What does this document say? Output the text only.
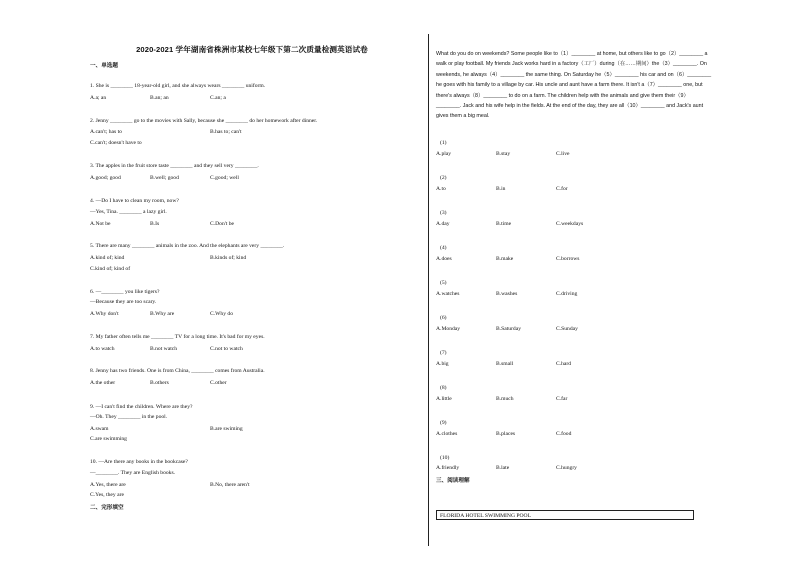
2020-2021 学年湖南省株洲市某校七年级下第二次质量检测英语试卷
一、单选题
1. She is ________ 18-year-old girl, and she always wears ________ uniform.
A.a; an	B.an; an	C.an; a
2. Jenny ________ go to the movies with Sally, because she ________ do her homework after dinner.
A.can't; has to	B.has to; can't
C.can't; doesn't have to
3. The apples in the fruit store taste ________ and they sell very ________.
A.good; good	B.well; good	C.good; well
4. —Do I have to clean my room, now?
—Yes, Tina. ________ a lazy girl.
A.Not be	B.Is	C.Don't be
5. There are many ________ animals in the zoo. And the elephants are very ________.
A.kind of; kind	B.kinds of; kind
C.kind of; kind of
6. —________ you like tigers?
—Because they are too scary.
A.Why don't	B.Why are	C.Why do
7. My father often tells me ________ TV for a long time. It's bad for my eyes.
A.to watch	B.not watch	C.not to watch
8. Jenny has two friends. One is from China, ________ comes from Australia.
A.the other	B.others	C.other
9. —I can't find the children. Where are they?
—Oh. They ________ in the pool.
A.swam	B.are swiming
C.are swimming
10. —Are there any books in the bookcase?
—________. They are English books.
A.Yes, there are	B.No, there aren't
C.Yes, they are
二、完形填空
What do you do on weekends? Some people like to（1）________ at home, but others like to go（2）________ a
walk or play football. My friends Jack works hard in a factory（工厂）during（在……期间）the（3）________. On
weekends, he always（4）________ the same thing. On Saturday he（5）________ his car and on（6）________
he goes with his family to a village by car. His uncle and aunt have a farm there. It isn't a（7）________ one, but
there's always（8）________ to do on a farm. The children help with the animals and give them their（9）
________. Jack and his wife help in the fields. At the end of the day, they are all（10）________ and Jack's aunt
gives them a big meal.
(1)
A.play	B.stay	C.live
(2)
A.to	B.in	C.for
(3)
A.day	B.time	C.weekdays
(4)
A.does	B.make	C.borrows
(5)
A.watches	B.washes	C.driving
(6)
A.Monday	B.Saturday	C.Sunday
(7)
A.big	B.small	C.hard
(8)
A.little	B.much	C.far
(9)
A.clothes	B.places	C.food
(10)
A.friendly	B.late	C.hungry
三、阅读理解
FLORIDA HOTEL SWIMMING POOL
